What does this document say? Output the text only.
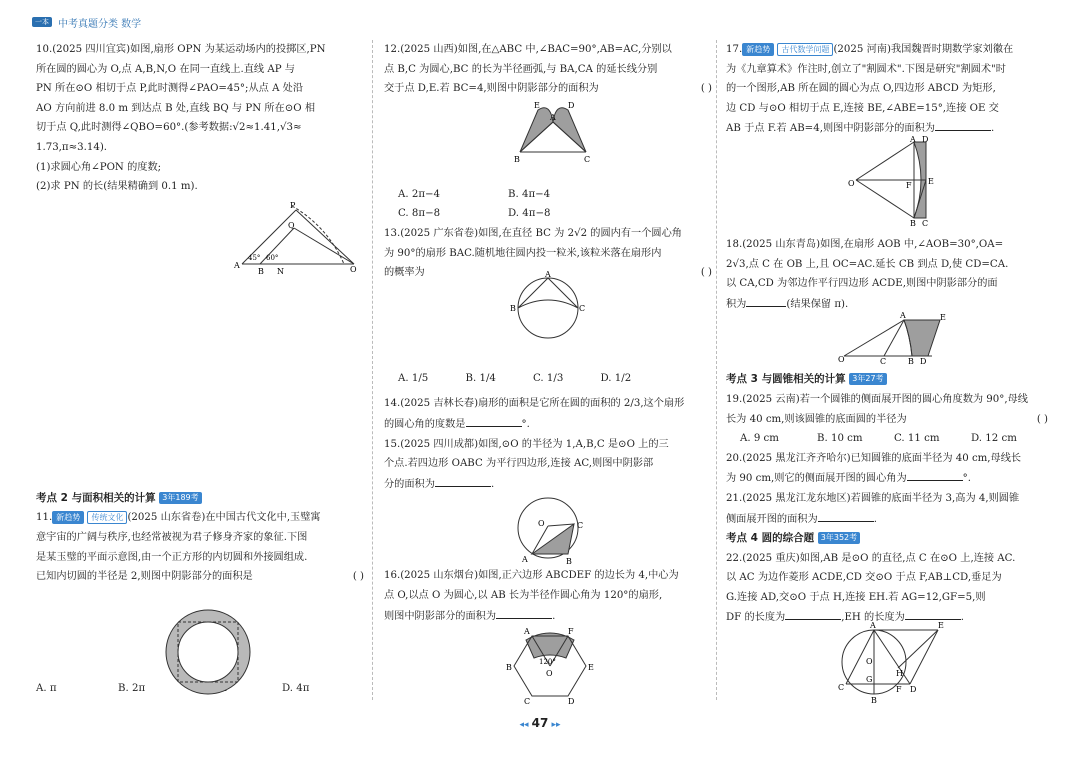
一本 中考真题分类 数学

10.(2025 四川宜宾)如图,扇形 OPN 为某运动场内的投掷区,PN

所在圆的圆心为 O,点 A,B,N,O 在同一直线上.直线 AP 与

PN 所在⊙O 相切于点 P,此时测得∠PAO=45°;从点 A 处沿

AO 方向前进 8.0 m 到达点 B 处,直线 BQ 与 PN 所在⊙O 相

切于点 Q,此时测得∠QBO=60°.(参考数据:√2≈1.41,√3≈

1.73,π≈3.14).

(1)求圆心角∠PON 的度数;

(2)求 PN 的长(结果精确到 0.1 m).

考点 2 与面积相关的计算 3年189考

11. 新趋势 传统文化 (2025 山东省卷)在中国古代文化中,玉璧寓

意宇宙的广阔与秩序,也经常被视为君子修身齐家的象征.下图

是某玉璧的平面示意图,由一个正方形的内切圆和外接圆组成.

已知内切圆的半径是 2,则图中阴影部分的面积是	( )

A. π	B. 2π	D. 4π

P
Q
A
B N	O
45° 60°

12.(2025 山西)如图,在△ABC 中,∠BAC=90°,AB=AC,分别以

点 B,C 为圆心,BC 的长为半径画弧,与 BA,CA 的延长线分别

交于点 D,E.若 BC=4,则图中阴影部分的面积为	( )

A. 2π−4	B. 4π−4

C. 8π−8	D. 4π−8

13.(2025 广东省卷)如图,在直径 BC 为 2√2 的圆内有一个圆心角

为 90°的扇形 BAC.随机地往圆内投一粒米,该粒米落在扇形内

的概率为	( )

A. 1/5	B. 1/4	C. 1/3	D. 1/2

14.(2025 吉林长春)扇形的面积是它所在圆的面积的 2/3,这个扇形

的圆心角的度数是	°.

15.(2025 四川成都)如图,⊙O 的半径为 1,A,B,C 是⊙O 上的三

个点.若四边形 OABC 为平行四边形,连接 AC,则图中阴影部

分的面积为	.

16.(2025 山东烟台)如图,正六边形 ABCDEF 的边长为 4,中心为

点 O,以点 O 为圆心,以 AB 长为半径作圆心角为 120°的扇形,

则图中阴影部分的面积为	.

E	D
A
B	C
A
B	C
O	C
A	B
A	F
B	E
O
C	D
120°

17. 新趋势 古代数学问题 (2025 河南)我国魏晋时期数学家刘徽在

为《九章算术》作注时,创立了"割圆术".下图是研究"割圆术"时

的一个图形,AB 所在圆的圆心为点 O,四边形 ABCD 为矩形,

边 CD 与⊙O 相切于点 E,连接 BE,∠ABE=15°,连接 OE 交

AB 于点 F.若 AB=4,则图中阴影部分的面积为	.

18.(2025 山东青岛)如图,在扇形 AOB 中,∠AOB=30°,OA=

2√3,点 C 在 OB 上,且 OC=AC.延长 CB 到点 D,使 CD=CA.

以 CA,CD 为邻边作平行四边形 ACDE,则图中阴影部分的面

积为	(结果保留 π).

考点 3 与圆锥相关的计算 3年27考

19.(2025 云南)若一个圆锥的侧面展开图的圆心角度数为 90°,母线

长为 40 cm,则该圆锥的底面圆的半径为	( )

A. 9 cm	B. 10 cm	C. 11 cm	D. 12 cm

20.(2025 黑龙江齐齐哈尔)已知圆锥的底面半径为 40 cm,母线长

为 90 cm,则它的侧面展开图的圆心角为	°.

21.(2025 黑龙江龙东地区)若圆锥的底面半径为 3,高为 4,则圆锥

侧面展开图的面积为	.

考点 4 圆的综合题 3年352考

22.(2025 重庆)如图,AB 是⊙O 的直径,点 C 在⊙O 上,连接 AC.

以 AC 为边作菱形 ACDE,CD 交⊙O 于点 F,AB⊥CD,垂足为

G.连接 AD,交⊙O 于点 H,连接 EH.若 AG=12,GF=5,则

DF 的长度为	,EH 的长度为	.

A D
O	F E
B C
A	E
O	C	B D
A	E
O
H
C
G
F D
B
◂◂ 47 ▸▸
